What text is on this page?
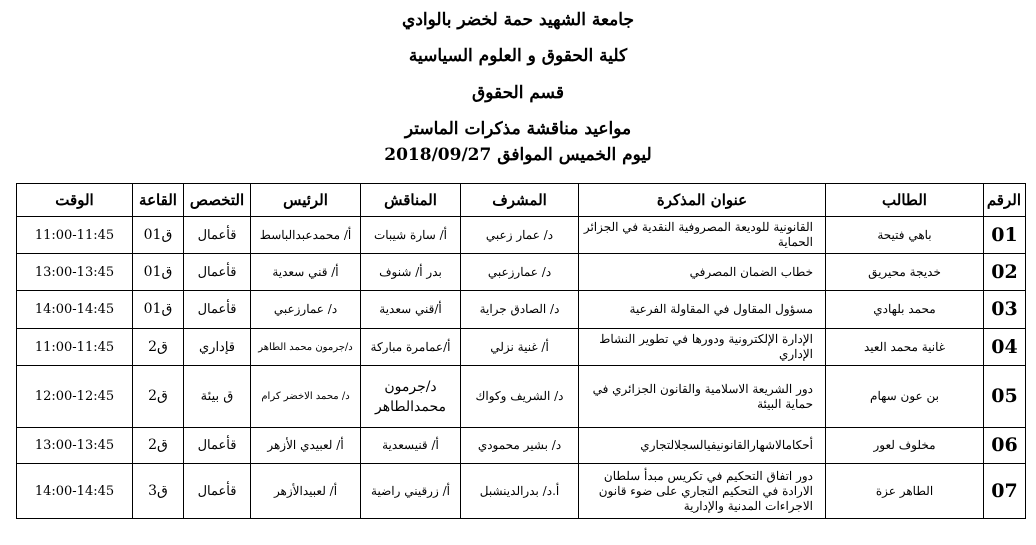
جامعة الشهيد حمة لخضر بالوادي
كلية الحقوق و العلوم السياسية
قسم الحقوق
مواعيد مناقشة مذكرات الماستر
ليوم الخميس الموافق 2018/09/27
الرقم	الطالب	عنوان المذكرة	المشرف	المناقش	الرئيس	التخصص	القاعة	الوقت
01	باهي فتيحة	القانونية للوديعة المصروفية النقدية في الجزائر الحماية	د/ عمار زعبي	أ/ سارة شيبات	أ/ محمدعبدالباسط	قأعمال	ق01	11:00-11:45
02	خديجة محيريق	خطاب الضمان المصرفي	د/ عمارزعبي	بدر أ/ شنوف	أ/ قني سعدية	قأعمال	ق01	13:00-13:45
03	محمد بلهادي	مسؤول المقاول في المقاولة الفرعية	د/ الصادق جراية	أ/قني سعدية	د/ عمارزعبي	قأعمال	ق01	14:00-14:45
04	غانية محمد العيد	الإدارة الإلكترونية ودورها في تطوير النشاط الإداري	أ/ غنية نزلي	أ/عمامرة مباركة	د/جرمون محمد الطاهر	قإداري	ق2	11:00-11:45
05	بن عون سهام	دور الشريعة الاسلامية والقانون الجزائري في حماية البيئة	د/ الشريف وكواك	د/جرمون محمدالطاهر	د/ محمد الاخضر كرام	ق بيئة	ق2	12:00-12:45
06	مخلوف لعور	أحكامالاشهارالقانونيفيالسجلالتجاري	د/ بشير محمودي	أ/ قنيسعدية	أ/ لعبيدي الأزهر	قأعمال	ق2	13:00-13:45
07	الطاهر عزة	دور اتفاق التحكيم في تكريس مبدأ سلطان الارادة في التحكيم التجاري على ضوء قانون الاجراءات المدنية والإدارية	أ.د/ بدرالدينشبل	أ/ زرقيني راضية	أ/ لعبيدالأزهر	قأعمال	ق3	14:00-14:45
